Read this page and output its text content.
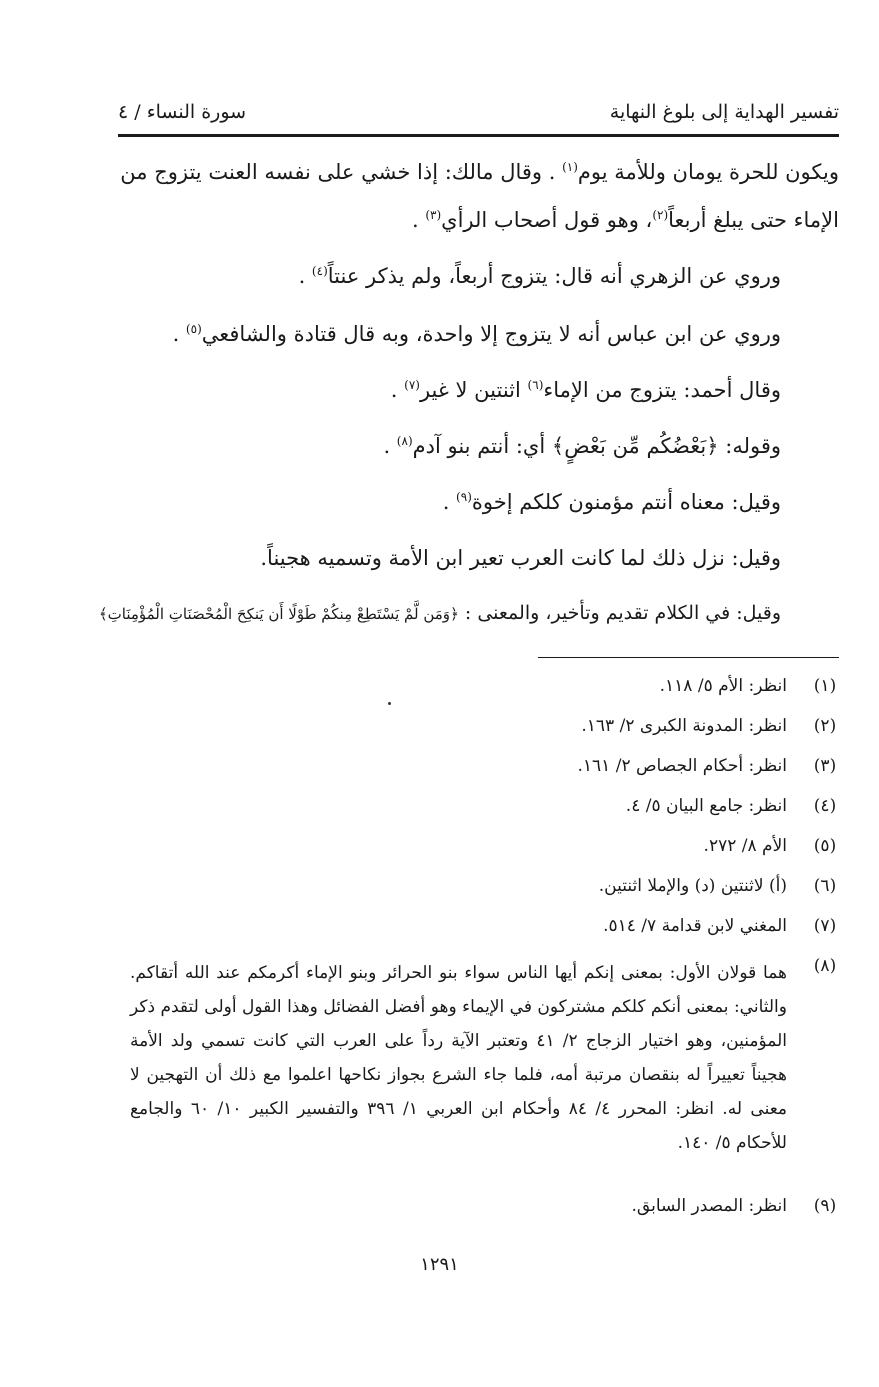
تفسير الهداية إلى بلوغ النهاية
سورة النساء / ٤
ويكون للحرة يومان وللأمة يوم$^{(١)}$ . وقال مالك: إذا خشي على نفسه العنت يتزوج من
الإماء حتى يبلغ أربعاً$^{(٢)}$، وهو قول أصحاب الرأي$^{(٣)}$ .
وروي عن الزهري أنه قال: يتزوج أربعاً، ولم يذكر عنتاً$^{(٤)}$ .
وروي عن ابن عباس أنه لا يتزوج إلا واحدة، وبه قال قتادة والشافعي$^{(٥)}$ .
وقال أحمد: يتزوج من الإماء$^{(٦)}$ اثنتين لا غير$^{(٧)}$ .
وقوله: ﴿بَعْضُكُم مِّن بَعْضٍ﴾ أي: أنتم بنو آدم$^{(٨)}$ .
وقيل: معناه أنتم مؤمنون كلكم إخوة$^{(٩)}$ .
وقيل: نزل ذلك لما كانت العرب تعير ابن الأمة وتسميه هجيناً.
وقيل: في الكلام تقديم وتأخير، والمعنى : ﴿وَمَن لَّمْ يَسْتَطِعْ مِنكُمْ طَوْلًا أَن يَنكِحَ الْمُحْصَنَاتِ الْمُؤْمِنَاتِ﴾
(١)
انظر: الأم ٥/ ١١٨.
(٢)
انظر: المدونة الكبرى ٢/ ١٦٣.
(٣)
انظر: أحكام الجصاص ٢/ ١٦١.
(٤)
انظر: جامع البيان ٥/ ٤.
(٥)
الأم ٨/ ٢٧٢.
(٦)
(أ) لاثنتين (د) والإملا اثنتين.
(٧)
المغني لابن قدامة ٧/ ٥١٤.
(٨)
هما قولان الأول: بمعنى إنكم أيها الناس سواء بنو الحرائر وبنو الإماء أكرمكم عند الله أتقاكم. والثاني: بمعنى أنكم كلكم مشتركون في الإيماء وهو أفضل الفضائل وهذا القول أولى لتقدم ذكر المؤمنين، وهو اختيار الزجاج ٢/ ٤١ وتعتبر الآية رداً على العرب التي كانت تسمي ولد الأمة هجيناً تعييراً له بنقصان مرتبة أمه، فلما جاء الشرع بجواز نكاحها اعلموا مع ذلك أن التهجين لا معنى له. انظر: المحرر ٤/ ٨٤ وأحكام ابن العربي ١/ ٣٩٦ والتفسير الكبير ١٠/ ٦٠ والجامع للأحكام ٥/ ١٤٠.
(٩)
انظر: المصدر السابق.
١٢٩١
